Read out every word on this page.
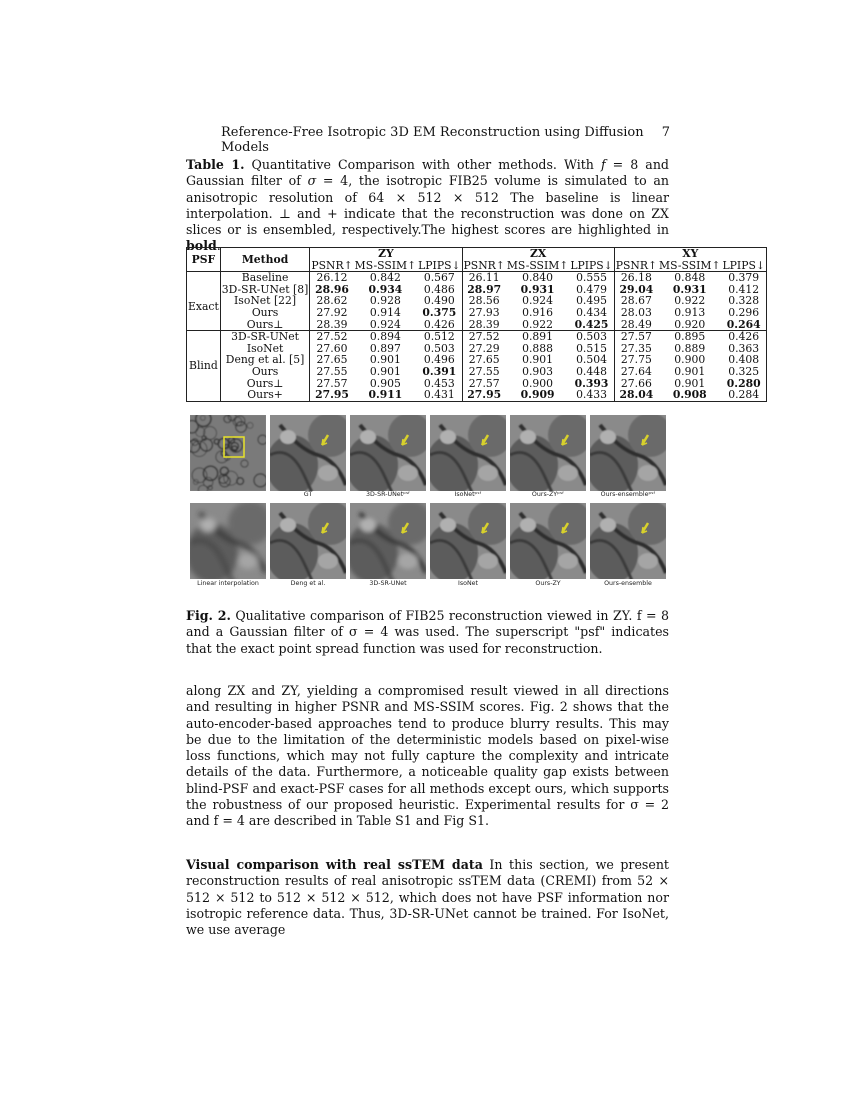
Reference-Free Isotropic 3D EM Reconstruction using Diffusion Models
7
Table 1. Quantitative Comparison with other methods. With f = 8 and Gaussian filter of σ = 4, the isotropic FIB25 volume is simulated to an anisotropic resolution of 64 × 512 × 512 The baseline is linear interpolation. ⊥ and + indicate that the reconstruction was done on ZX slices or is ensembled, respectively.The highest scores are highlighted in bold.
PSF	Method	ZY			ZX			XY		
		PSNR↑	MS-SSIM↑	LPIPS↓	PSNR↑	MS-SSIM↑	LPIPS↓	PSNR↑	MS-SSIM↑	LPIPS↓
	Baseline	26.12	0.842	0.567	26.11	0.840	0.555	26.18	0.848	0.379
Exact	3D-SR-UNet [8]	28.96	0.934	0.486	28.97	0.931	0.479	29.04	0.931	0.412
	IsoNet [22]	28.62	0.928	0.490	28.56	0.924	0.495	28.67	0.922	0.328
	Ours	27.92	0.914	0.375	27.93	0.916	0.434	28.03	0.913	0.296
	Ours⊥	28.39	0.924	0.426	28.39	0.922	0.425	28.49	0.920	0.264
Blind	3D-SR-UNet	27.52	0.894	0.512	27.52	0.891	0.503	27.57	0.895	0.426
	IsoNet	27.60	0.897	0.503	27.29	0.888	0.515	27.35	0.889	0.363
	Deng et al. [5]	27.65	0.901	0.496	27.65	0.901	0.504	27.75	0.900	0.408
	Ours	27.55	0.901	0.391	27.55	0.903	0.448	27.64	0.901	0.325
	Ours⊥	27.57	0.905	0.453	27.57	0.900	0.393	27.66	0.901	0.280
	Ours+	27.95	0.911	0.431	27.95	0.909	0.433	28.04	0.908	0.284
GT	3D-SR-UNetᵖˢᶠ	IsoNetᵖˢᶠ	Ours-ZYᵖˢᶠ	Ours-ensembleᵖˢᶠ
Linear interpolation	Deng et al.	3D-SR-UNet	IsoNet	Ours-ZY	Ours-ensemble
Fig. 2. Qualitative comparison of FIB25 reconstruction viewed in ZY. f = 8 and a Gaussian filter of σ = 4 was used. The superscript "psf" indicates that the exact point spread function was used for reconstruction.
along ZX and ZY, yielding a compromised result viewed in all directions and resulting in higher PSNR and MS-SSIM scores. Fig. 2 shows that the auto-encoder-based approaches tend to produce blurry results. This may be due to the limitation of the deterministic models based on pixel-wise loss functions, which may not fully capture the complexity and intricate details of the data. Furthermore, a noticeable quality gap exists between blind-PSF and exact-PSF cases for all methods except ours, which supports the robustness of our proposed heuristic. Experimental results for σ = 2 and f = 4 are described in Table S1 and Fig S1.
Visual comparison with real ssTEM data In this section, we present reconstruction results of real anisotropic ssTEM data (CREMI) from 52 × 512 × 512 to 512 × 512 × 512, which does not have PSF information nor isotropic reference data. Thus, 3D-SR-UNet cannot be trained. For IsoNet, we use average
